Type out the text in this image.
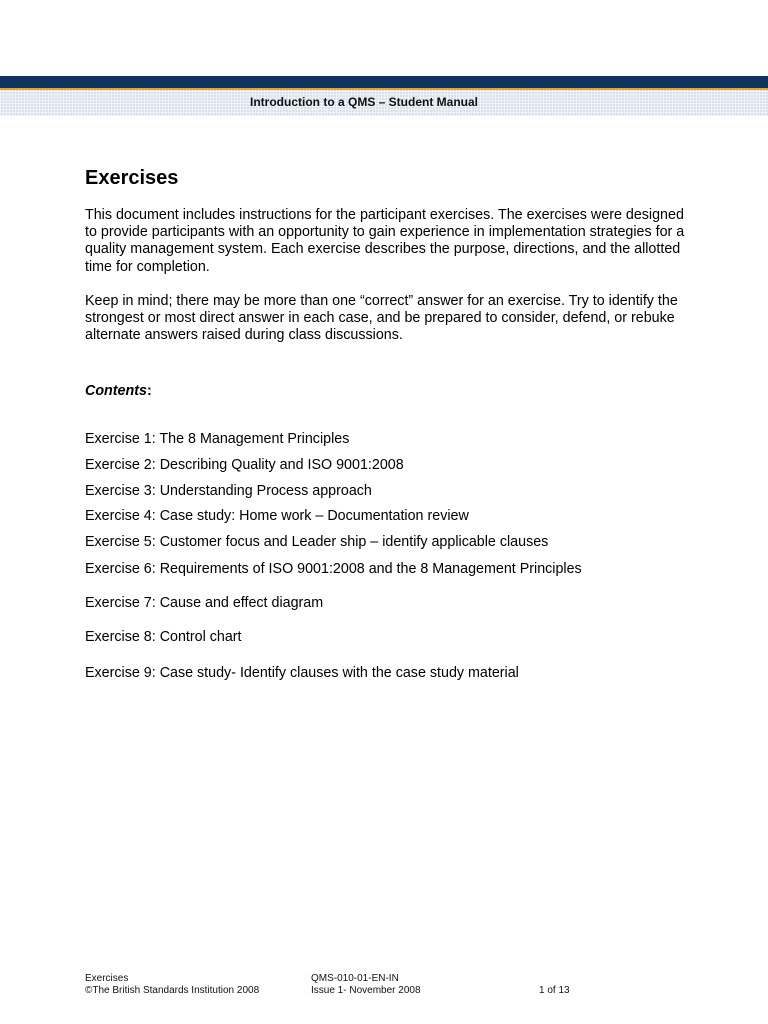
Introduction to a QMS – Student Manual
Exercises

This document includes instructions for the participant exercises. The exercises were designed to provide participants with an opportunity to gain experience in implementation strategies for a quality management system. Each exercise describes the purpose, directions, and the allotted time for completion.

Keep in mind; there may be more than one “correct” answer for an exercise. Try to identify the strongest or most direct answer in each case, and be prepared to consider, defend, or rebuke alternate answers raised during class discussions.

Contents:
Exercise 1: The 8 Management Principles
Exercise 2: Describing Quality and ISO 9001:2008
Exercise 3: Understanding Process approach
Exercise 4: Case study: Home work – Documentation review
Exercise 5: Customer focus and Leader ship – identify applicable clauses
Exercise 6: Requirements of ISO 9001:2008 and the 8 Management Principles
Exercise 7: Cause and effect diagram
Exercise 8: Control chart
Exercise 9: Case study- Identify clauses with the case study material
Exercises
©The British Standards Institution 2008
QMS-010-01-EN-IN
Issue 1- November 2008	1 of 13
